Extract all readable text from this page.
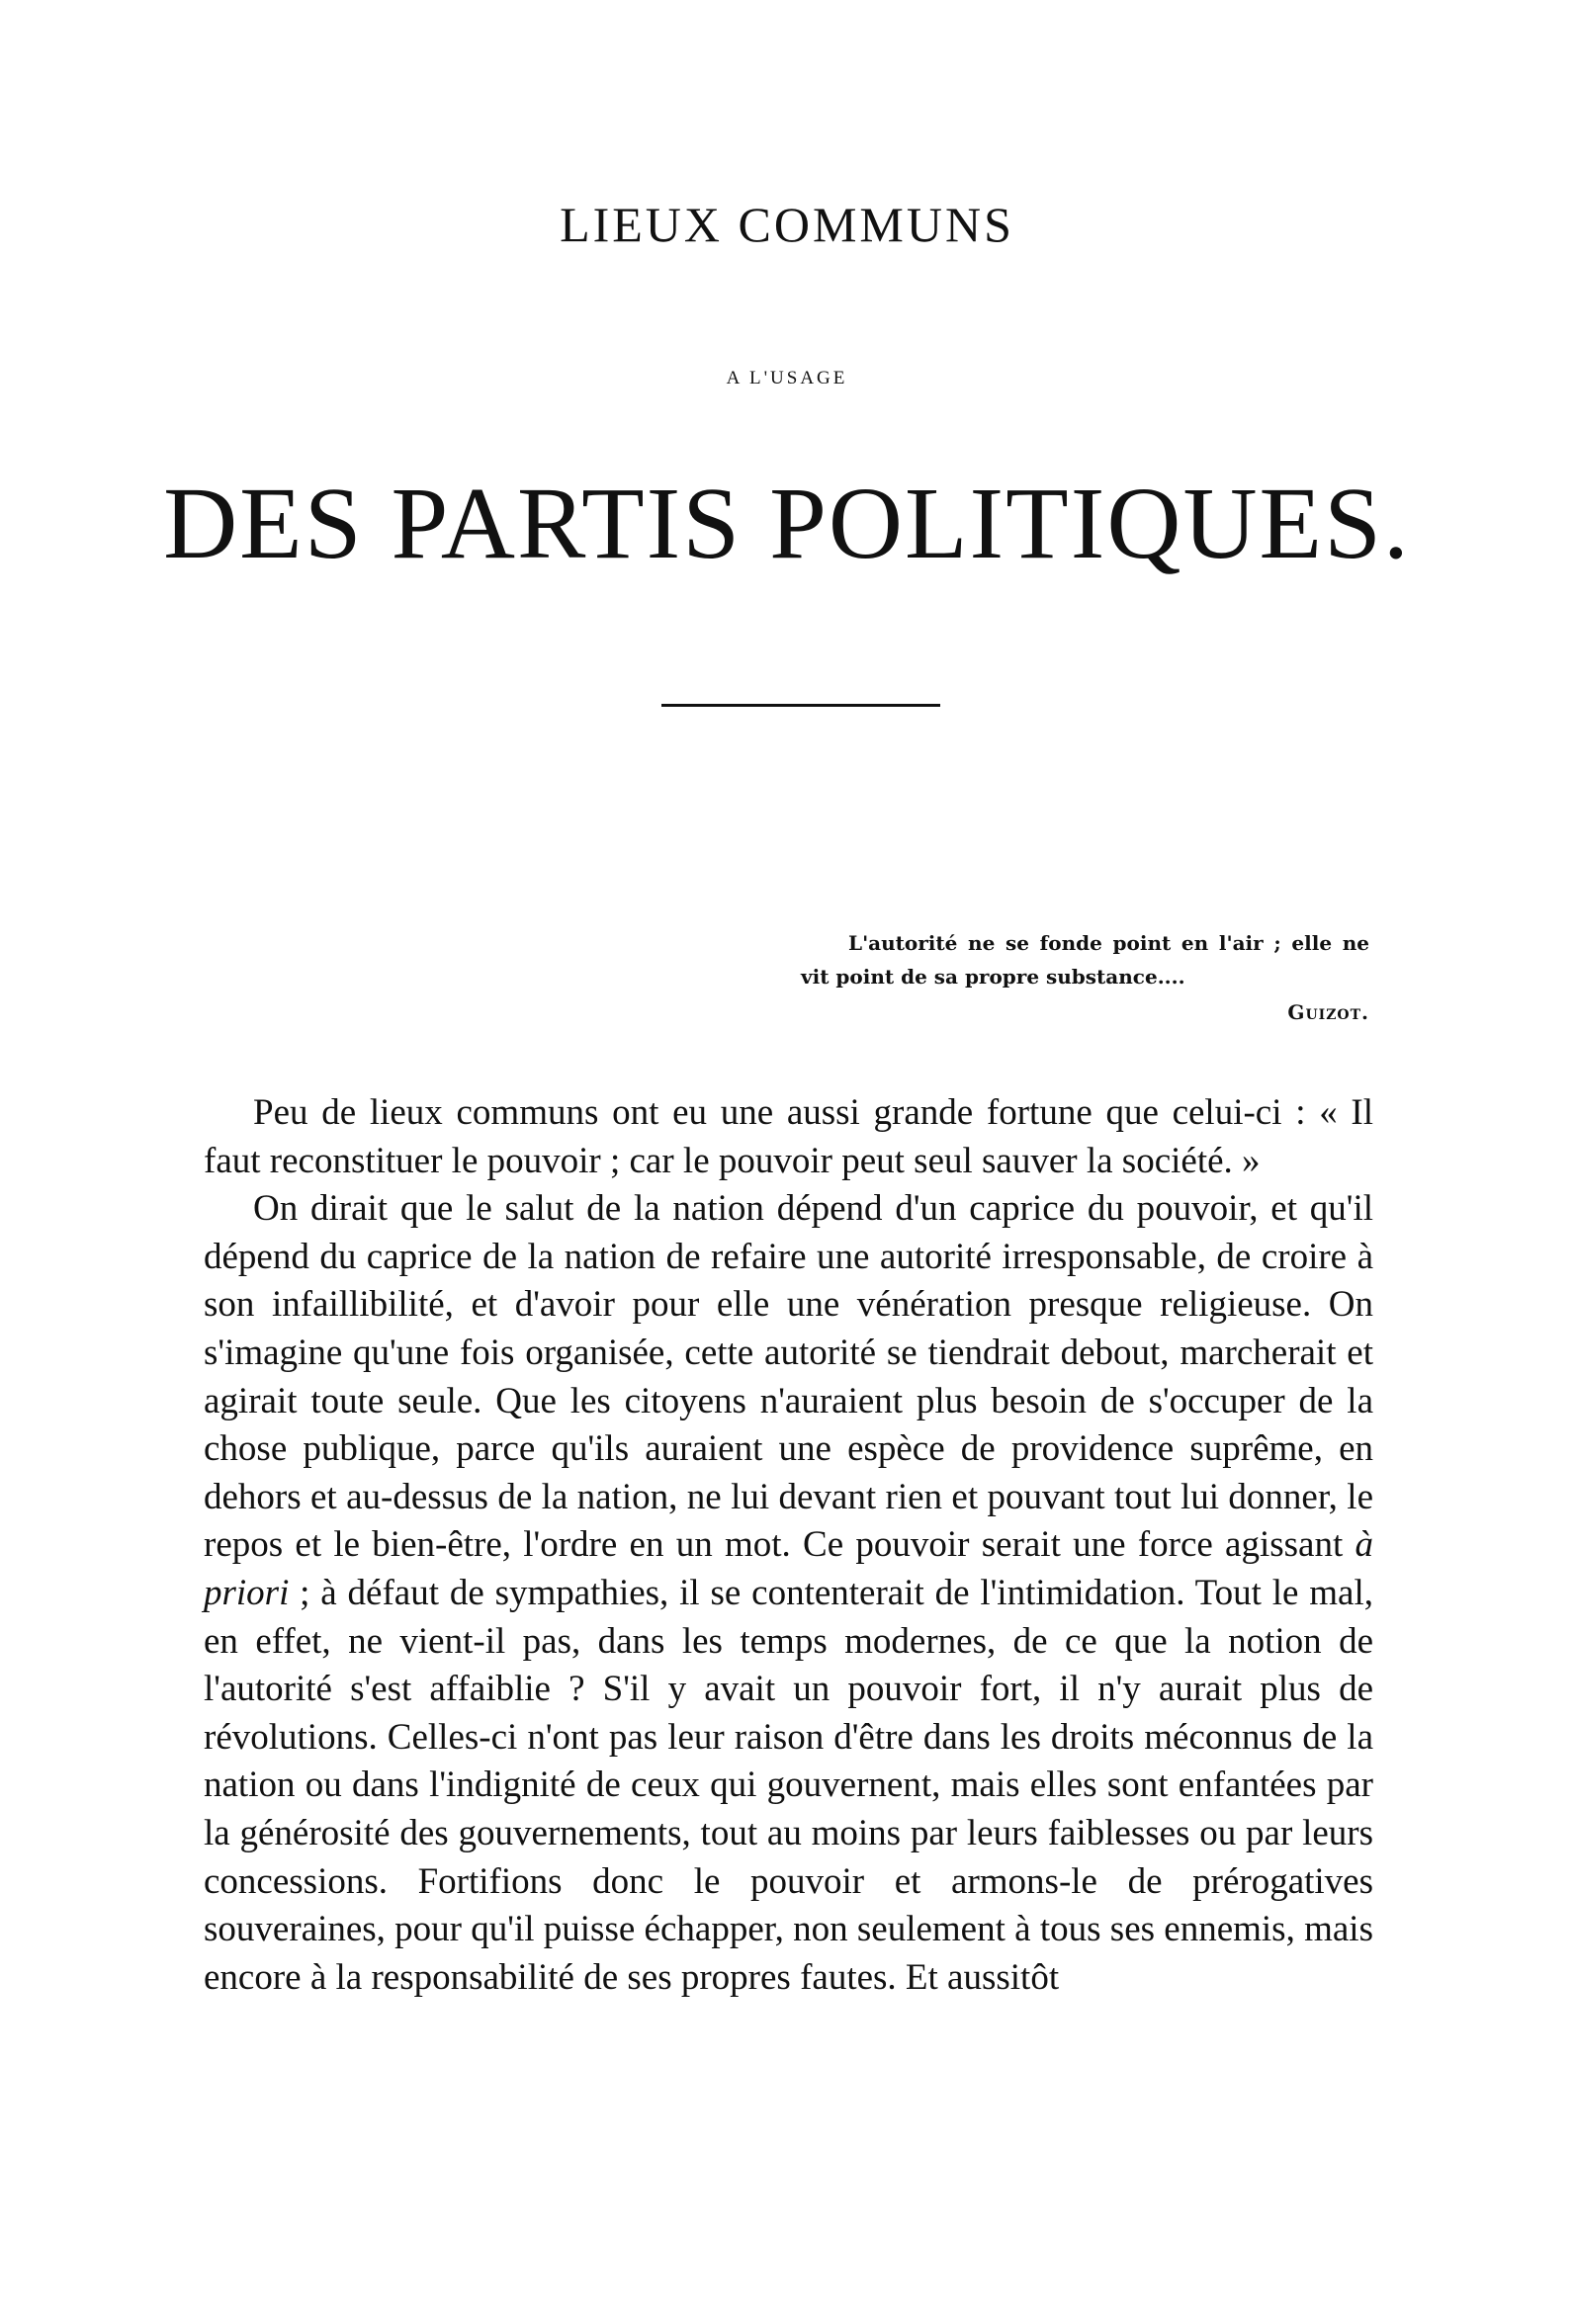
LIEUX COMMUNS
A L'USAGE
DES PARTIS POLITIQUES.
L'autorité ne se fonde point en l'air ; elle ne vit point de sa propre substance....
Guizot.

Peu de lieux communs ont eu une aussi grande fortune que celui-ci : « Il faut reconstituer le pouvoir ; car le pouvoir peut seul sauver la société. »

On dirait que le salut de la nation dépend d'un caprice du pouvoir, et qu'il dépend du caprice de la nation de refaire une autorité irresponsable, de croire à son infaillibilité, et d'avoir pour elle une vénération presque religieuse. On s'imagine qu'une fois organisée, cette autorité se tiendrait debout, marcherait et agirait toute seule. Que les citoyens n'auraient plus besoin de s'occuper de la chose publique, parce qu'ils auraient une espèce de providence suprême, en dehors et au-dessus de la nation, ne lui devant rien et pouvant tout lui donner, le repos et le bien-être, l'ordre en un mot. Ce pouvoir serait une force agissant à priori ; à défaut de sympathies, il se contenterait de l'intimidation. Tout le mal, en effet, ne vient-il pas, dans les temps modernes, de ce que la notion de l'autorité s'est affaiblie ? S'il y avait un pouvoir fort, il n'y aurait plus de révolutions. Celles-ci n'ont pas leur raison d'être dans les droits méconnus de la nation ou dans l'indignité de ceux qui gouvernent, mais elles sont enfantées par la générosité des gouvernements, tout au moins par leurs faiblesses ou par leurs concessions. Fortifions donc le pouvoir et armons-le de prérogatives souveraines, pour qu'il puisse échapper, non seulement à tous ses ennemis, mais encore à la responsabilité de ses propres fautes. Et aussitôt
